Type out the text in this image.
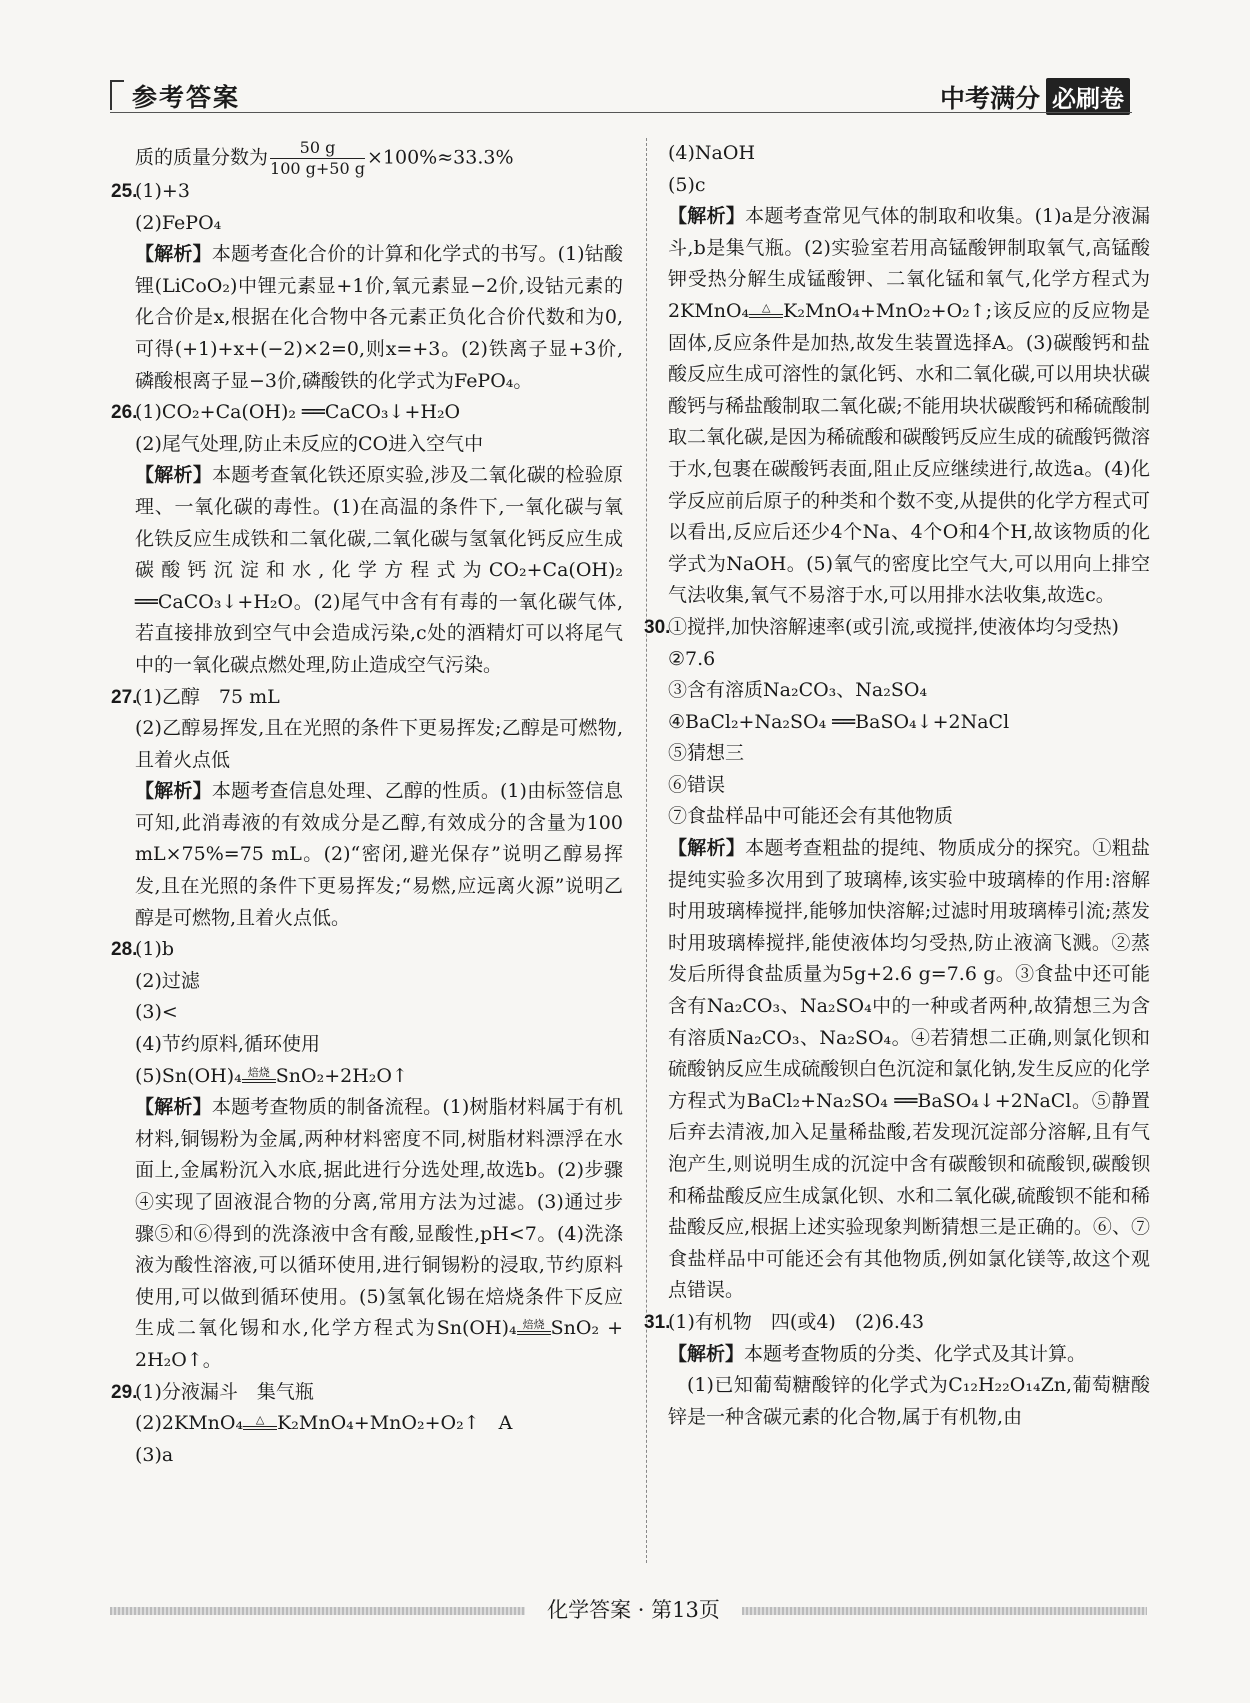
参考答案	中考满分 必刷卷
质的质量分数为 $\frac{50 g}{100 g+50 g} \times 100\%\approx 33.3\%$
25.
(1)+3
(2)FePO₄
【解析】本题考查化合价的计算和化学式的书写。(1)钴酸锂(LiCoO₂)中锂元素显+1价,氧元素显−2价,设钴元素的化合价是x,根据在化合物中各元素正负化合价代数和为0,可得(+1)+x+(−2)×2=0,则x=+3。(2)铁离子显+3价,磷酸根离子显−3价,磷酸铁的化学式为FePO₄。
26.
(1)CO₂+Ca(OH)₂ ══CaCO₃↓+H₂O
(2)尾气处理,防止未反应的CO进入空气中
【解析】本题考查氧化铁还原实验,涉及二氧化碳的检验原理、一氧化碳的毒性。(1)在高温的条件下,一氧化碳与氧化铁反应生成铁和二氧化碳,二氧化碳与氢氧化钙反应生成碳酸钙沉淀和水,化学方程式为CO₂+Ca(OH)₂ ══CaCO₃↓+H₂O。(2)尾气中含有有毒的一氧化碳气体,若直接排放到空气中会造成污染,c处的酒精灯可以将尾气中的一氧化碳点燃处理,防止造成空气污染。
27.
(1)乙醇　75 mL
(2)乙醇易挥发,且在光照的条件下更易挥发;乙醇是可燃物,且着火点低
【解析】本题考查信息处理、乙醇的性质。(1)由标签信息可知,此消毒液的有效成分是乙醇,有效成分的含量为100 mL×75%=75 mL。(2)“密闭,避光保存”说明乙醇易挥发,且在光照的条件下更易挥发;“易燃,应远离火源”说明乙醇是可燃物,且着火点低。
28.
(1)b
(2)过滤
(3)<
(4)节约原料,循环使用
(5)Sn(OH)₄ 焙烧 SnO₂+2H₂O↑
【解析】本题考查物质的制备流程。(1)树脂材料属于有机材料,铜锡粉为金属,两种材料密度不同,树脂材料漂浮在水面上,金属粉沉入水底,据此进行分选处理,故选b。(2)步骤④实现了固液混合物的分离,常用方法为过滤。(3)通过步骤⑤和⑥得到的洗涤液中含有酸,显酸性,pH<7。(4)洗涤液为酸性溶液,可以循环使用,进行铜锡粉的浸取,节约原料使用,可以做到循环使用。(5)氢氧化锡在焙烧条件下反应生成二氧化锡和水,化学方程式为Sn(OH)₄ 焙烧 SnO₂ + 2H₂O↑。
29.
(1)分液漏斗　集气瓶
(2)2KMnO₄ △ K₂MnO₄+MnO₂+O₂↑　A
(3)a
(4)NaOH
(5)c
【解析】本题考查常见气体的制取和收集。(1)a是分液漏斗,b是集气瓶。(2)实验室若用高锰酸钾制取氧气,高锰酸钾受热分解生成锰酸钾、二氧化锰和氧气,化学方程式为2KMnO₄ △ K₂MnO₄+MnO₂+O₂↑;该反应的反应物是固体,反应条件是加热,故发生装置选择A。(3)碳酸钙和盐酸反应生成可溶性的氯化钙、水和二氧化碳,可以用块状碳酸钙与稀盐酸制取二氧化碳;不能用块状碳酸钙和稀硫酸制取二氧化碳,是因为稀硫酸和碳酸钙反应生成的硫酸钙微溶于水,包裹在碳酸钙表面,阻止反应继续进行,故选a。(4)化学反应前后原子的种类和个数不变,从提供的化学方程式可以看出,反应后还少4个Na、4个O和4个H,故该物质的化学式为NaOH。(5)氧气的密度比空气大,可以用向上排空气法收集,氧气不易溶于水,可以用排水法收集,故选c。
30.
①搅拌,加快溶解速率(或引流,或搅拌,使液体均匀受热)
②7.6
③含有溶质Na₂CO₃、Na₂SO₄
④BaCl₂+Na₂SO₄ ══BaSO₄↓+2NaCl
⑤猜想三
⑥错误
⑦食盐样品中可能还会有其他物质
【解析】本题考查粗盐的提纯、物质成分的探究。①粗盐提纯实验多次用到了玻璃棒,该实验中玻璃棒的作用:溶解时用玻璃棒搅拌,能够加快溶解;过滤时用玻璃棒引流;蒸发时用玻璃棒搅拌,能使液体均匀受热,防止液滴飞溅。②蒸发后所得食盐质量为5g+2.6 g=7.6 g。③食盐中还可能含有Na₂CO₃、Na₂SO₄中的一种或者两种,故猜想三为含有溶质Na₂CO₃、Na₂SO₄。④若猜想二正确,则氯化钡和硫酸钠反应生成硫酸钡白色沉淀和氯化钠,发生反应的化学方程式为BaCl₂+Na₂SO₄ ══BaSO₄↓+2NaCl。⑤静置后弃去清液,加入足量稀盐酸,若发现沉淀部分溶解,且有气泡产生,则说明生成的沉淀中含有碳酸钡和硫酸钡,碳酸钡和稀盐酸反应生成氯化钡、水和二氧化碳,硫酸钡不能和稀盐酸反应,根据上述实验现象判断猜想三是正确的。⑥、⑦食盐样品中可能还会有其他物质,例如氯化镁等,故这个观点错误。
31.
(1)有机物　四(或4)　(2)6.43
【解析】本题考查物质的分类、化学式及其计算。
(1)已知葡萄糖酸锌的化学式为C₁₂H₂₂O₁₄Zn,葡萄糖酸锌是一种含碳元素的化合物,属于有机物,由
化学答案 · 第13页
